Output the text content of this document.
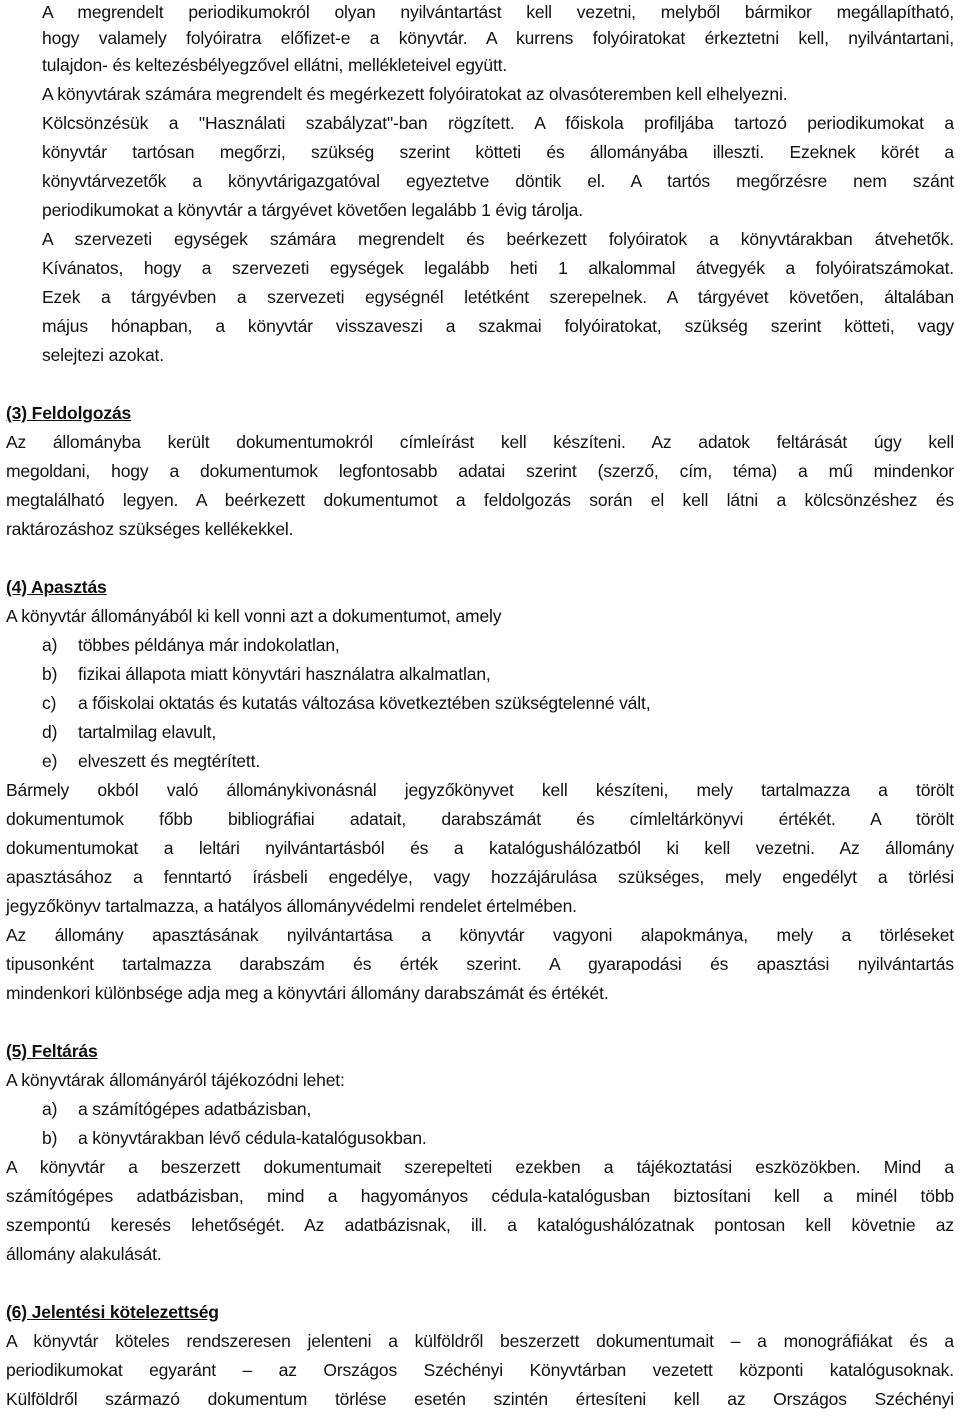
A megrendelt periodikumokról olyan nyilvántartást kell vezetni, melyből bármikor megállapítható,
hogy valamely folyóiratra előfizet-e a könyvtár. A kurrens folyóiratokat érkeztetni kell, nyilvántartani,
tulajdon- és keltezésbélyegzővel ellátni, mellékleteivel együtt.
A könyvtárak számára megrendelt és megérkezett folyóiratokat az olvasóteremben kell elhelyezni.
Kölcsönzésük a "Használati szabályzat"-ban rögzített. A főiskola profiljába tartozó periodikumokat a
könyvtár tartósan megőrzi, szükség szerint kötteti és állományába illeszti. Ezeknek körét a
könyvtárvezetők a könyvtárigazgatóval egyeztetve döntik el. A tartós megőrzésre nem szánt
periodikumokat a könyvtár a tárgyévet követően legalább 1 évig tárolja.
A szervezeti egységek számára megrendelt és beérkezett folyóiratok a könyvtárakban átvehetők.
Kívánatos, hogy a szervezeti egységek legalább heti 1 alkalommal átvegyék a folyóiratszámokat.
Ezek a tárgyévben a szervezeti egységnél letétként szerepelnek. A tárgyévet követően, általában
május hónapban, a könyvtár visszaveszi a szakmai folyóiratokat, szükség szerint kötteti, vagy
selejtezi azokat.
(3) Feldolgozás
Az állományba került dokumentumokról címleírást kell készíteni. Az adatok feltárását úgy kell
megoldani, hogy a dokumentumok legfontosabb adatai szerint (szerző, cím, téma) a mű mindenkor
megtalálható legyen. A beérkezett dokumentumot a feldolgozás során el kell látni a kölcsönzéshez és
raktározáshoz szükséges kellékekkel.
(4) Apasztás
A könyvtár állományából ki kell vonni azt a dokumentumot, amely
a)	többes példánya már indokolatlan,
b)	fizikai állapota miatt könyvtári használatra alkalmatlan,
c)	a főiskolai oktatás és kutatás változása következtében szükségtelenné vált,
d)	tartalmilag elavult,
e)	elveszett és megtérített.
Bármely okból való állománykivonásnál jegyzőkönyvet kell készíteni, mely tartalmazza a törölt
dokumentumok főbb bibliográfiai adatait, darabszámát és címleltárkönyvi értékét. A törölt
dokumentumokat a leltári nyilvántartásból és a katalógushálózatból ki kell vezetni. Az állomány
apasztásához a fenntartó írásbeli engedélye, vagy hozzájárulása szükséges, mely engedélyt a törlési
jegyzőkönyv tartalmazza, a hatályos állományvédelmi rendelet értelmében.
Az állomány apasztásának nyilvántartása a könyvtár vagyoni alapokmánya, mely a törléseket
tipusonként tartalmazza darabszám és érték szerint. A gyarapodási és apasztási nyilvántartás
mindenkori különbsége adja meg a könyvtári állomány darabszámát és értékét.
(5) Feltárás
A könyvtárak állományáról tájékozódni lehet:
a)	a számítógépes adatbázisban,
b)	a könyvtárakban lévő cédula-katalógusokban.
A könyvtár a beszerzett dokumentumait szerepelteti ezekben a tájékoztatási eszközökben. Mind a
számítógépes adatbázisban, mind a hagyományos cédula-katalógusban biztosítani kell a minél több
szempontú keresés lehetőségét. Az adatbázisnak, ill. a katalógushálózatnak pontosan kell követnie az
állomány alakulását.
(6) Jelentési kötelezettség
A könyvtár köteles rendszeresen jelenteni a külföldről beszerzett dokumentumait – a monográfiákat és a
periodikumokat egyaránt – az Országos Széchényi Könyvtárban vezetett központi katalógusoknak.
Külföldről származó dokumentum törlése esetén szintén értesíteni kell az Országos Széchényi
